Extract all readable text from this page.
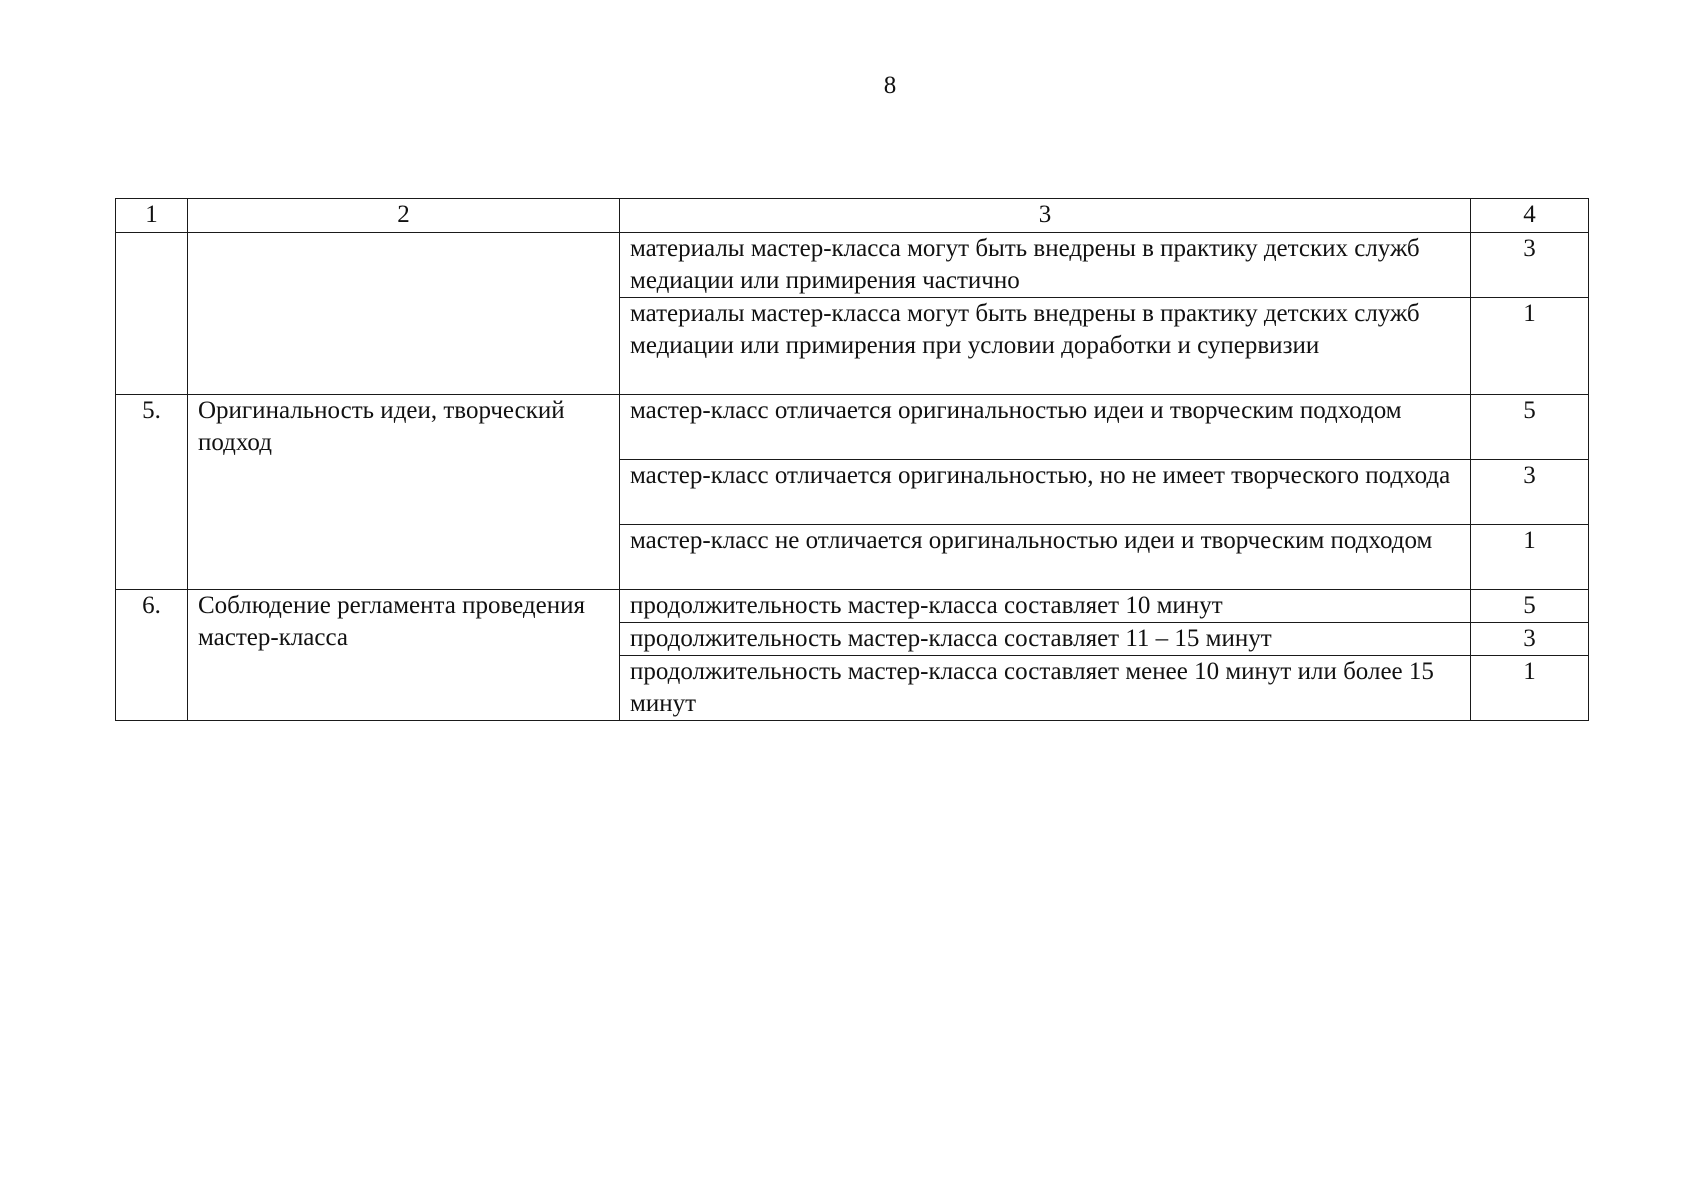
8
1	2	3	4
		материалы мастер-класса могут быть внедрены в практику детских служб медиации или примирения частично	3
		материалы мастер-класса могут быть внедрены в практику детских служб медиации или примирения при условии доработки и супервизии	1
5.	Оригинальность идеи, творческий подход	мастер-класс отличается оригинальностью идеи и творческим подходом	5
		мастер-класс отличается оригинальностью, но не имеет творческого подхода	3
		мастер-класс не отличается оригинальностью идеи и творческим подходом	1
6.	Соблюдение регламента проведения мастер-класса	продолжительность мастер-класса составляет 10 минут	5
		продолжительность мастер-класса составляет 11 – 15 минут	3
		продолжительность мастер-класса составляет менее 10 минут или более 15 минут	1
